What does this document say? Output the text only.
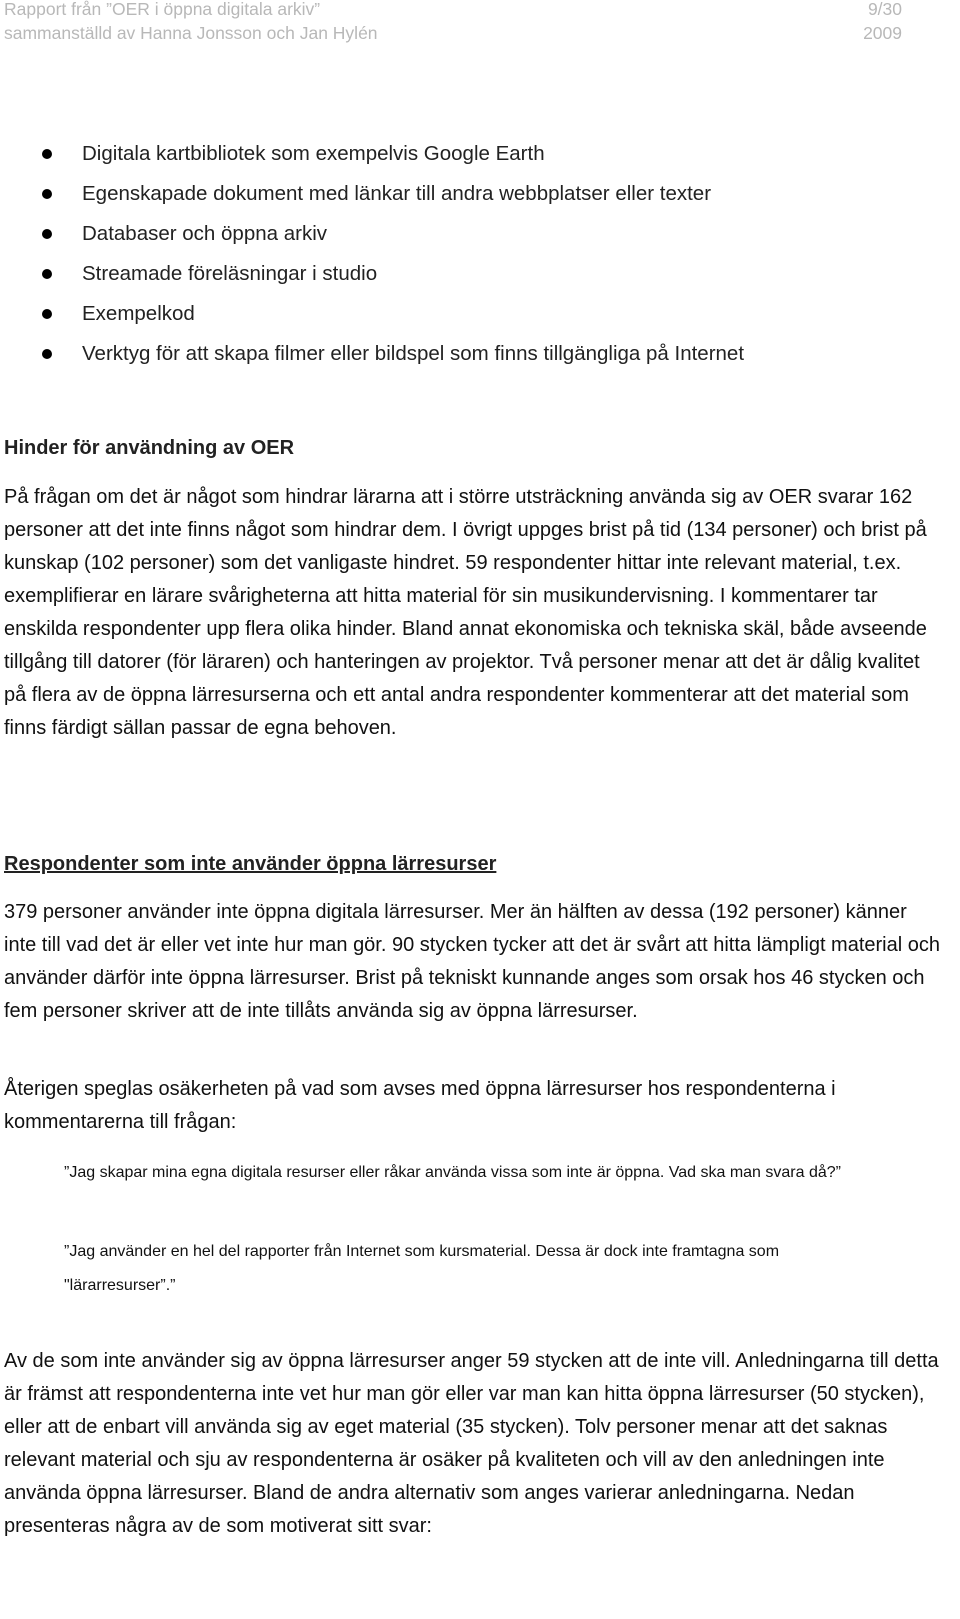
Rapport från ”OER i öppna digitala arkiv”
sammanställd av Hanna Jonsson och Jan Hylén
9/30
2009
Digitala kartbibliotek som exempelvis Google Earth
Egenskapade dokument med länkar till andra webbplatser eller texter
Databaser och öppna arkiv
Streamade föreläsningar i studio
Exempelkod
Verktyg för att skapa filmer eller bildspel som finns tillgängliga på Internet
Hinder för användning av OER

På frågan om det är något som hindrar lärarna att i större utsträckning använda sig av OER svarar 162 personer att det inte finns något som hindrar dem. I övrigt uppges brist på tid (134 personer) och brist på kunskap (102 personer) som det vanligaste hindret. 59 respondenter hittar inte relevant material, t.ex. exemplifierar en lärare svårigheterna att hitta material för sin musikundervisning. I kommentarer tar enskilda respondenter upp flera olika hinder. Bland annat ekonomiska och tekniska skäl, både avseende tillgång till datorer (för läraren) och hanteringen av projektor. Två personer menar att det är dålig kvalitet på flera av de öppna lärresurserna och ett antal andra respondenter kommenterar att det material som finns färdigt sällan passar de egna behoven.

Respondenter som inte använder öppna lärresurser

379 personer använder inte öppna digitala lärresurser. Mer än hälften av dessa (192 personer) känner inte till vad det är eller vet inte hur man gör. 90 stycken tycker att det är svårt att hitta lämpligt material och använder därför inte öppna lärresurser. Brist på tekniskt kunnande anges som orsak hos 46 stycken och fem personer skriver att de inte tillåts använda sig av öppna lärresurser.

Återigen speglas osäkerheten på vad som avses med öppna lärresurser hos respondenterna i kommentarerna till frågan:

”Jag skapar mina egna digitala resurser eller råkar använda vissa som inte är öppna. Vad ska man svara då?”
”Jag använder en hel del rapporter från Internet som kursmaterial. Dessa är dock inte framtagna som "lärarresurser”.”

Av de som inte använder sig av öppna lärresurser anger 59 stycken att de inte vill. Anledningarna till detta är främst att respondenterna inte vet hur man gör eller var man kan hitta öppna lärresurser (50 stycken), eller att de enbart vill använda sig av eget material (35 stycken). Tolv personer menar att det saknas relevant material och sju av respondenterna är osäker på kvaliteten och vill av den anledningen inte använda öppna lärresurser. Bland de andra alternativ som anges varierar anledningarna. Nedan presenteras några av de som motiverat sitt svar:
